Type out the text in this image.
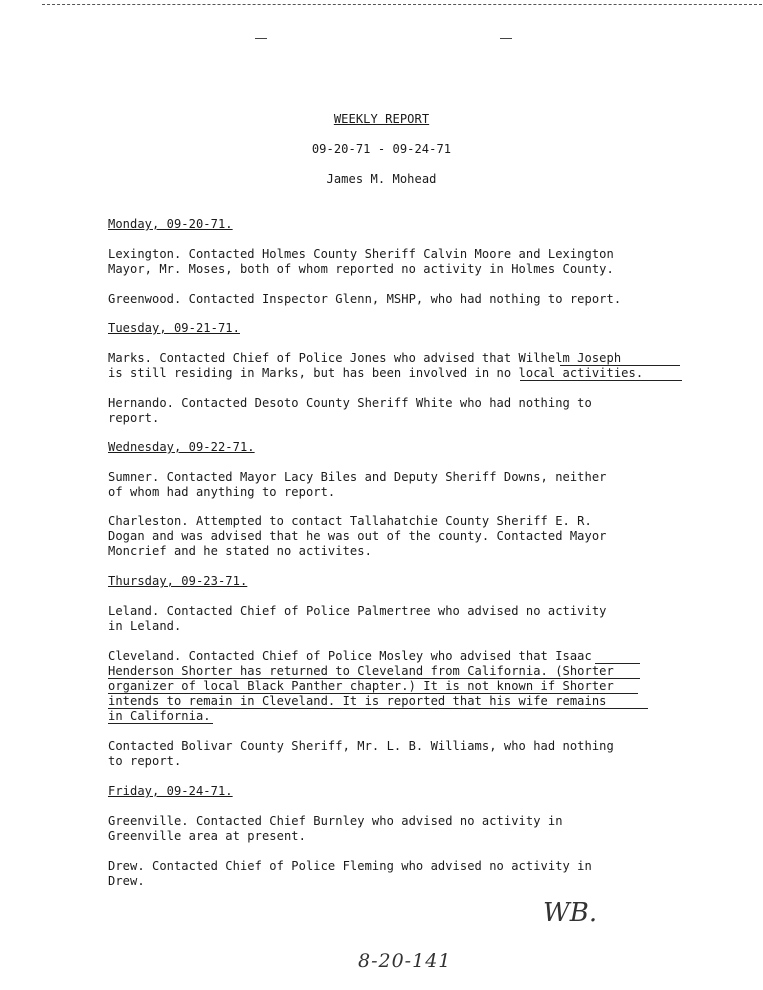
WEEKLY REPORT
09-20-71 - 09-24-71
James M. Mohead
Monday, 09-20-71.
Lexington. Contacted Holmes County Sheriff Calvin Moore and Lexington
Mayor, Mr. Moses, both of whom reported no activity in Holmes County.
Greenwood. Contacted Inspector Glenn, MSHP, who had nothing to report.
Tuesday, 09-21-71.
Marks. Contacted Chief of Police Jones who advised that Wilhelm Joseph
is still residing in Marks, but has been involved in no local activities.
Hernando. Contacted Desoto County Sheriff White who had nothing to
report.
Wednesday, 09-22-71.
Sumner. Contacted Mayor Lacy Biles and Deputy Sheriff Downs, neither
of whom had anything to report.
Charleston. Attempted to contact Tallahatchie County Sheriff E. R.
Dogan and was advised that he was out of the county. Contacted Mayor
Moncrief and he stated no activites.
Thursday, 09-23-71.
Leland. Contacted Chief of Police Palmertree who advised no activity
in Leland.
Cleveland. Contacted Chief of Police Mosley who advised that Isaac
Henderson Shorter has returned to Cleveland from California. (Shorter
organizer of local Black Panther chapter.) It is not known if Shorter
intends to remain in Cleveland. It is reported that his wife remains
in California.
Contacted Bolivar County Sheriff, Mr. L. B. Williams, who had nothing
to report.
Friday, 09-24-71.
Greenville. Contacted Chief Burnley who advised no activity in
Greenville area at present.
Drew. Contacted Chief of Police Fleming who advised no activity in
Drew.
WB.
8-20-141
